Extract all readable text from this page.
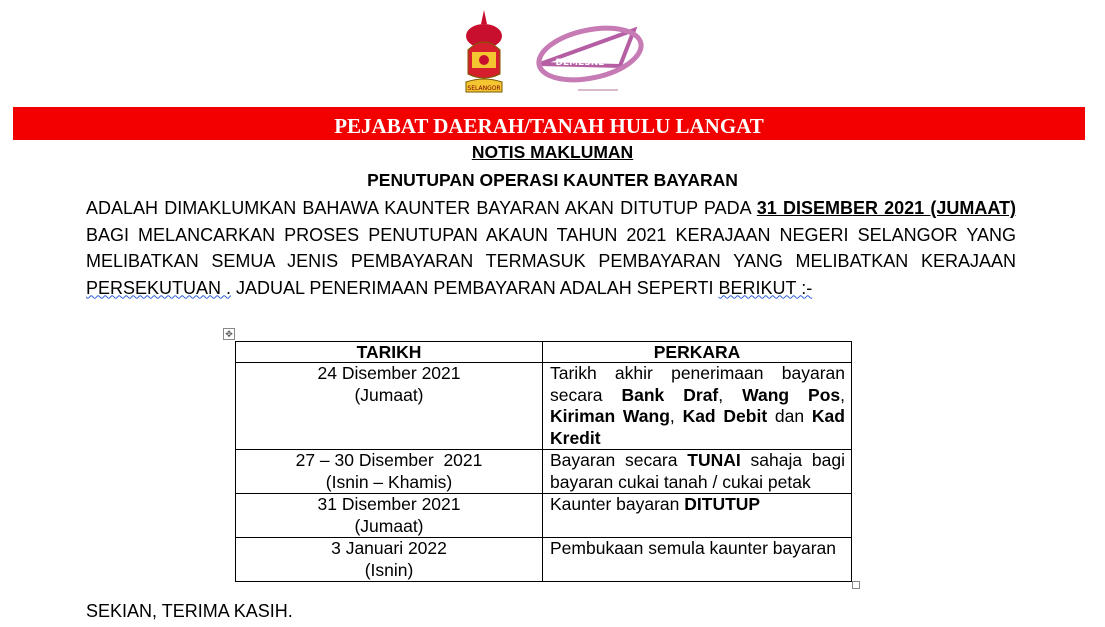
SELANGOR
DEMESNE
PEJABAT DAERAH/TANAH HULU LANGAT
NOTIS MAKLUMAN
PENUTUPAN OPERASI KAUNTER BAYARAN
ADALAH DIMAKLUMKAN BAHAWA KAUNTER BAYARAN AKAN DITUTUP PADA 31 DISEMBER 2021 (JUMAAT) BAGI MELANCARKAN PROSES PENUTUPAN AKAUN TAHUN 2021 KERAJAAN NEGERI SELANGOR YANG MELIBATKAN SEMUA JENIS PEMBAYARAN TERMASUK PEMBAYARAN YANG MELIBATKAN KERAJAAN PERSEKUTUAN . JADUAL PENERIMAAN PEMBAYARAN ADALAH SEPERTI BERIKUT :-
✥
TARIKH	PERKARA

24 Disember 2021
(Jumaat)	Tarikh akhir penerimaan bayaran secara Bank Draf, Wang Pos, Kiriman Wang, Kad Debit dan Kad Kredit

27 – 30 Disember  2021
(Isnin – Khamis)	Bayaran secara TUNAI sahaja bagi bayaran cukai tanah / cukai petak

31 Disember 2021
(Jumaat)	Kaunter bayaran DITUTUP

3 Januari 2022
(Isnin)	Pembukaan semula kaunter bayaran
SEKIAN, TERIMA KASIH.
